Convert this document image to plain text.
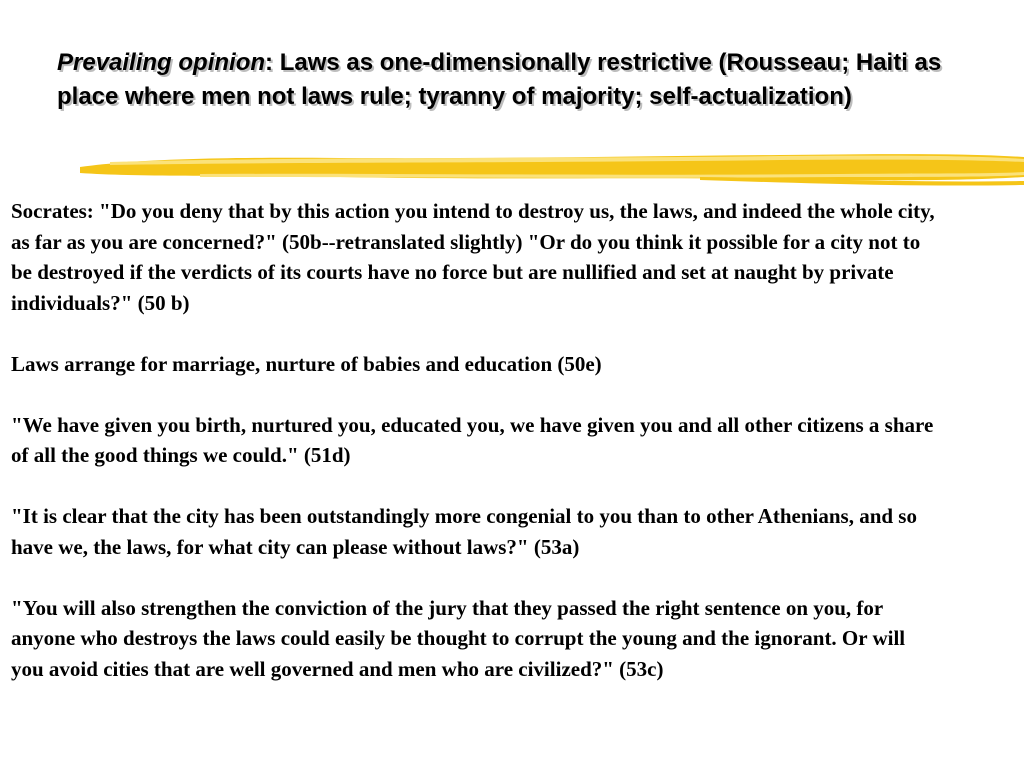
Prevailing opinion: Laws as one-dimensionally restrictive (Rousseau; Haiti as place where men not laws rule; tyranny of majority; self-actualization)

Socrates: "Do you deny that by this action you intend to destroy us, the laws, and indeed the whole city, as far as you are concerned?" (50b--retranslated slightly) "Or do you think it possible for a city not to be destroyed if the verdicts of its courts have no force but are nullified and set at naught by private individuals?" (50 b)

Laws arrange for marriage, nurture of babies and education (50e)

"We have given you birth, nurtured you, educated you, we have given you and all other citizens a share of all the good things we could." (51d)

"It is clear that the city has been outstandingly more congenial to you than to other Athenians, and so have we, the laws, for what city can please without laws?" (53a)

"You will also strengthen the conviction of the jury that they passed the right sentence on you, for anyone who destroys the laws could easily be thought to corrupt the young and the ignorant. Or will you avoid cities that are well governed and men who are civilized?" (53c)
